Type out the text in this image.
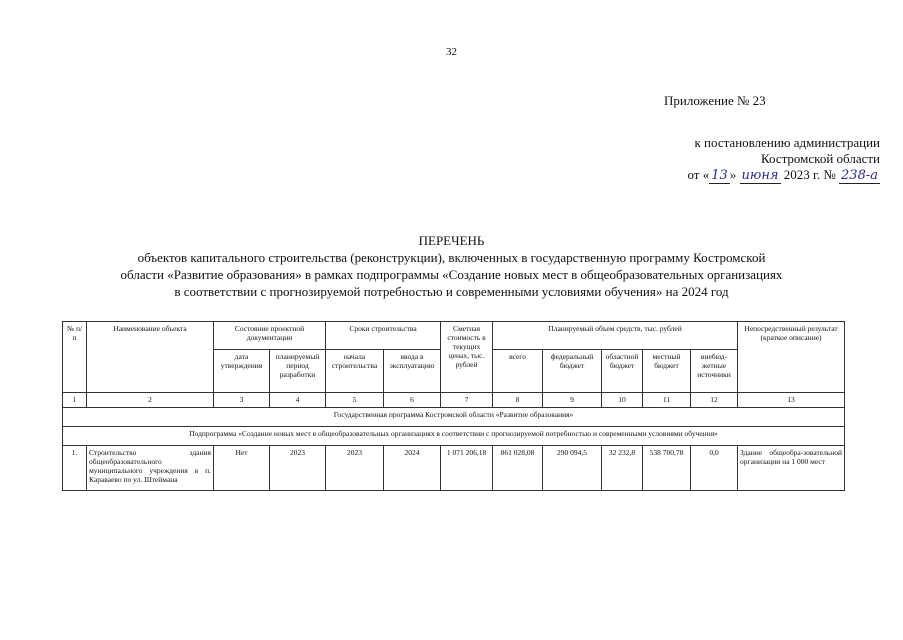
32
Приложение № 23
к постановлению администрации
Костромской области
от « 13 » июня 2023 г. № 238-а
ПЕРЕЧЕНЬ
объектов капитального строительства (реконструкции), включенных в государственную программу Костромской
области «Развитие образования» в рамках подпрограммы «Создание новых мест в общеобразовательных организациях
в соответствии с прогнозируемой потребностью и современными условиями обучения» на 2024 год
№ п/п	Наименование объекта	Состояние проектной документации		Сроки строительства		Сметная стоимость в текущих ценах, тыс. рублей	Планируемый объем средств, тыс. рублей					Непосредственный результат (краткое описание)
		дата утверждения	планируемый период разработки	начала строительства	ввода в эксплуатацию		всего	федеральный бюджет	областной бюджет	местный бюджет	внебюд-жетные источники	
1	2	3	4	5	6	7	8	9	10	11	12	13
Государственная программа Костромской области «Развитие образования»												
Подпрограмма «Создание новых мест в общеобразовательных организациях в соответствии с прогнозируемой потребностью и современными условиями обучения»												
1.	Строительство здания общеобразовательного муниципального учреждения в п. Караваево по ул. Штеймана	Нет	2023	2023	2024	1 071 206,18	861 028,08	290 094,5	32 232,8	538 700,78	0,0	Здание общеобра-зовательной организации на 1 000 мест
